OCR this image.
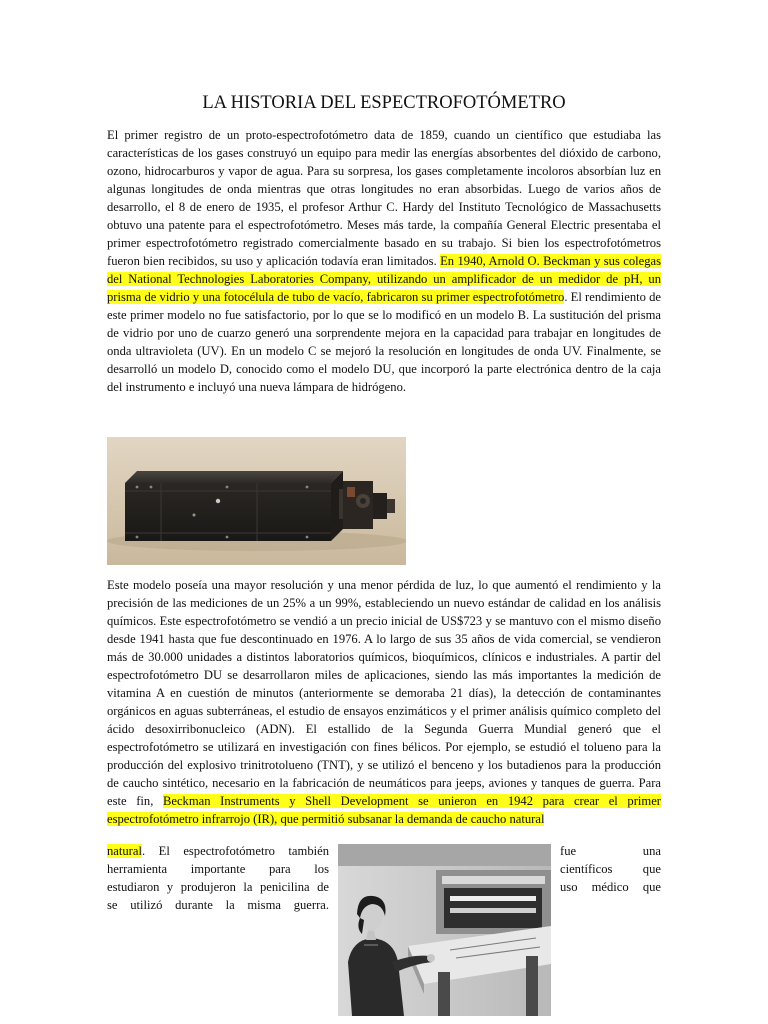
LA HISTORIA DEL ESPECTROFOTÓMETRO

El primer registro de un proto-espectrofotómetro data de 1859, cuando un científico que estudiaba las características de los gases construyó un equipo para medir las energías absorbentes del dióxido de carbono, ozono, hidrocarburos y vapor de agua. Para su sorpresa, los gases completamente incoloros absorbían luz en algunas longitudes de onda mientras que otras longitudes no eran absorbidas. Luego de varios años de desarrollo, el 8 de enero de 1935, el profesor Arthur C. Hardy del Instituto Tecnológico de Massachusetts obtuvo una patente para el espectrofotómetro. Meses más tarde, la compañía General Electric presentaba el primer espectrofotómetro registrado comercialmente basado en su trabajo. Si bien los espectrofotómetros fueron bien recibidos, su uso y aplicación todavía eran limitados. En 1940, Arnold O. Beckman y sus colegas del National Technologies Laboratories Company, utilizando un amplificador de un medidor de pH, un prisma de vidrio y una fotocélula de tubo de vacío, fabricaron su primer espectrofotómetro. El rendimiento de este primer modelo no fue satisfactorio, por lo que se lo modificó en un modelo B. La sustitución del prisma de vidrio por uno de cuarzo generó una sorprendente mejora en la capacidad para trabajar en longitudes de onda ultravioleta (UV). En un modelo C se mejoró la resolución en longitudes de onda UV. Finalmente, se desarrolló un modelo D, conocido como el modelo DU, que incorporó la parte electrónica dentro de la caja del instrumento e incluyó una nueva lámpara de hidrógeno.

Este modelo poseía una mayor resolución y una menor pérdida de luz, lo que aumentó el rendimiento y la precisión de las mediciones de un 25% a un 99%, estableciendo un nuevo estándar de calidad en los análisis químicos. Este espectrofotómetro se vendió a un precio inicial de US$723 y se mantuvo con el mismo diseño desde 1941 hasta que fue descontinuado en 1976. A lo largo de sus 35 años de vida comercial, se vendieron más de 30.000 unidades a distintos laboratorios químicos, bioquímicos, clínicos e industriales. A partir del espectrofotómetro DU se desarrollaron miles de aplicaciones, siendo las más importantes la medición de vitamina A en cuestión de minutos (anteriormente se demoraba 21 días), la detección de contaminantes orgánicos en aguas subterráneas, el estudio de ensayos enzimáticos y el primer análisis químico completo del ácido desoxirribonucleico (ADN). El estallido de la Segunda Guerra Mundial generó que el espectrofotómetro se utilizará en investigación con fines bélicos. Por ejemplo, se estudió el tolueno para la producción del explosivo trinitrotolueno (TNT), y se utilizó el benceno y los butadienos para la producción de caucho sintético, necesario en la fabricación de neumáticos para jeeps, aviones y tanques de guerra. Para este fin, Beckman Instruments y Shell Development se unieron en 1942 para crear el primer espectrofotómetro infrarrojo (IR), que permitió subsanar la demanda de caucho natural

natural. El espectrofotómetro también
herramienta importante para los
estudiaron y produjeron la penicilina de
se utilizó durante la misma guerra.
fue una
científicos que
uso médico que
